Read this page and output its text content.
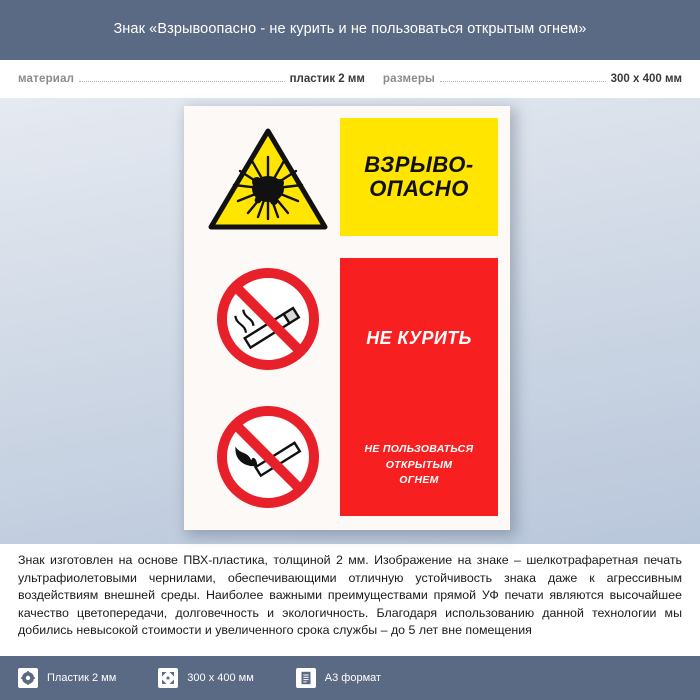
Знак «Взрывоопасно - не курить и не пользоваться открытым огнем»
материал	пластик 2 мм размеры	300 x 400 мм
ВЗРЫВО-
ОПАСНО
НЕ КУРИТЬ
НЕ ПОЛЬЗОВАТЬСЯ
ОТКРЫТЫМ
ОГНЕМ
Знак изготовлен на основе ПВХ-пластика, толщиной 2 мм. Изображение на знаке – шелкотрафаретная печать ультрафиолетовыми чернилами, обеспечивающими отличную устойчивость знака даже к агрессивным воздействиям внешней среды. Наиболее важными преимуществами прямой УФ печати являются высочайшее качество цветопередачи, долговечность и экологичность. Благодаря использованию данной технологии мы добились невысокой стоимости и увеличенного срока службы – до 5 лет вне помещения
Пластик 2 мм	300 x 400 мм	A3 формат
